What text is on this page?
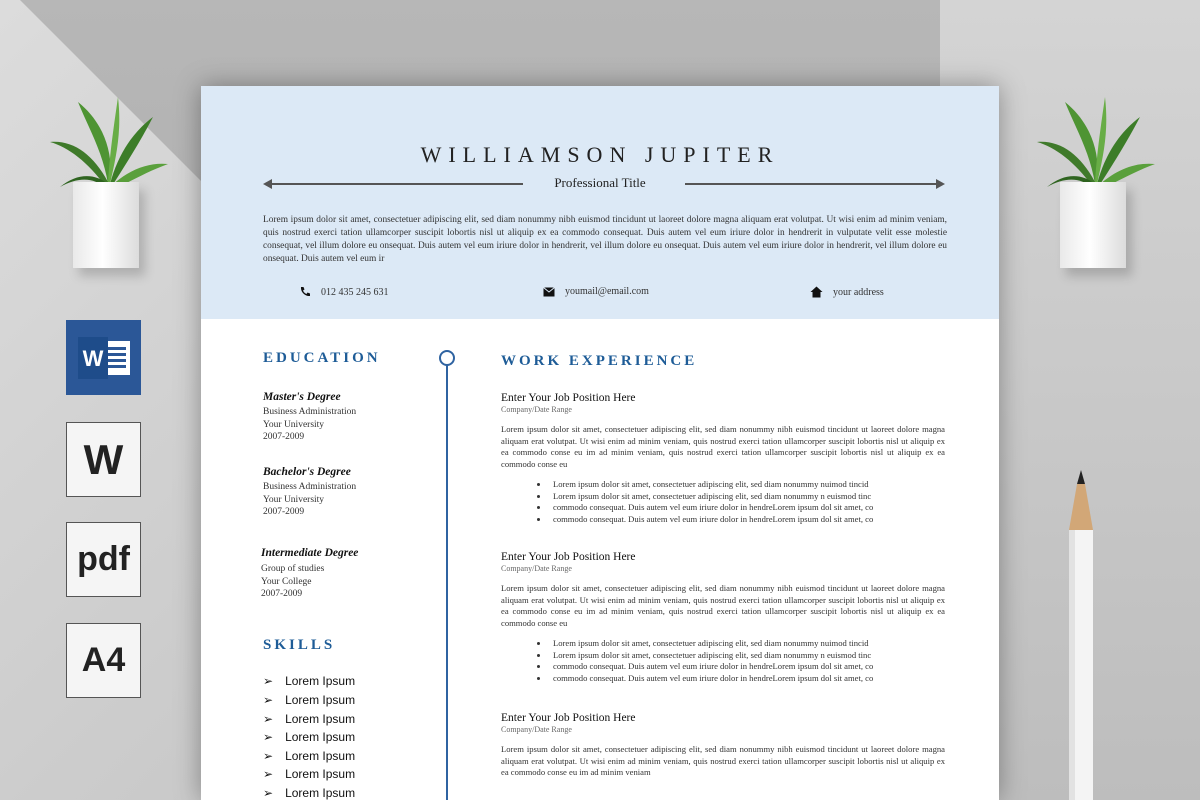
W
W
pdf
A4
WILLIAMSON JUPITER
Professional Title
Lorem ipsum dolor sit amet, consectetuer adipiscing elit, sed diam nonummy nibh euismod tincidunt ut laoreet dolore magna aliquam erat volutpat. Ut wisi enim ad minim veniam, quis nostrud exerci tation ullamcorper suscipit lobortis nisl ut aliquip ex ea commodo consequat. Duis autem vel eum iriure dolor in hendrerit in vulputate velit esse molestie consequat, vel illum dolore eu onsequat. Duis autem vel eum iriure dolor in hendrerit, vel illum dolore eu onsequat. Duis autem vel eum iriure dolor in hendrerit, vel illum dolore eu onsequat. Duis autem vel eum ir
012 435 245 631	youmail@email.com	your address
EDUCATION
Master's Degree
Business Administration
Your University
2007-2009
Bachelor's Degree
Business Administration
Your University
2007-2009
Intermediate Degree
Group of studies
Your College
2007-2009
SKILLS
➢ Lorem Ipsum
➢ Lorem Ipsum
➢ Lorem Ipsum
➢ Lorem Ipsum
➢ Lorem Ipsum
➢ Lorem Ipsum
➢ Lorem Ipsum
WORK EXPERIENCE
Enter Your Job Position Here
Company/Date Range
Lorem ipsum dolor sit amet, consectetuer adipiscing elit, sed diam nonummy nibh euismod tincidunt ut laoreet dolore magna aliquam erat volutpat. Ut wisi enim ad minim veniam, quis nostrud exerci tation ullamcorper suscipit lobortis nisl ut aliquip ex ea commodo conse eu im ad minim veniam, quis nostrud exerci tation ullamcorper suscipit lobortis nisl ut aliquip ex ea commodo conse eu
• Lorem ipsum dolor sit amet, consectetuer adipiscing elit, sed diam nonummy nuimod tincid
• Lorem ipsum dolor sit amet, consectetuer adipiscing elit, sed diam nonummy n euismod tinc
• commodo consequat. Duis autem vel eum iriure dolor in hendreLorem ipsum dol sit amet, co
• commodo consequat. Duis autem vel eum iriure dolor in hendreLorem ipsum dol sit amet, co
Enter Your Job Position Here
Company/Date Range
Lorem ipsum dolor sit amet, consectetuer adipiscing elit, sed diam nonummy nibh euismod tincidunt ut laoreet dolore magna aliquam erat volutpat. Ut wisi enim ad minim veniam, quis nostrud exerci tation ullamcorper suscipit lobortis nisl ut aliquip ex ea commodo conse eu im ad minim veniam, quis nostrud exerci tation ullamcorper suscipit lobortis nisl ut aliquip ex ea commodo conse eu
• Lorem ipsum dolor sit amet, consectetuer adipiscing elit, sed diam nonummy nuimod tincid
• Lorem ipsum dolor sit amet, consectetuer adipiscing elit, sed diam nonummy n euismod tinc
• commodo consequat. Duis autem vel eum iriure dolor in hendreLorem ipsum dol sit amet, co
• commodo consequat. Duis autem vel eum iriure dolor in hendreLorem ipsum dol sit amet, co
Enter Your Job Position Here
Company/Date Range
Lorem ipsum dolor sit amet, consectetuer adipiscing elit, sed diam nonummy nibh euismod tincidunt ut laoreet dolore magna aliquam erat volutpat. Ut wisi enim ad minim veniam, quis nostrud exerci tation ullamcorper suscipit lobortis nisl ut aliquip ex ea commodo conse eu im ad minim veniam
